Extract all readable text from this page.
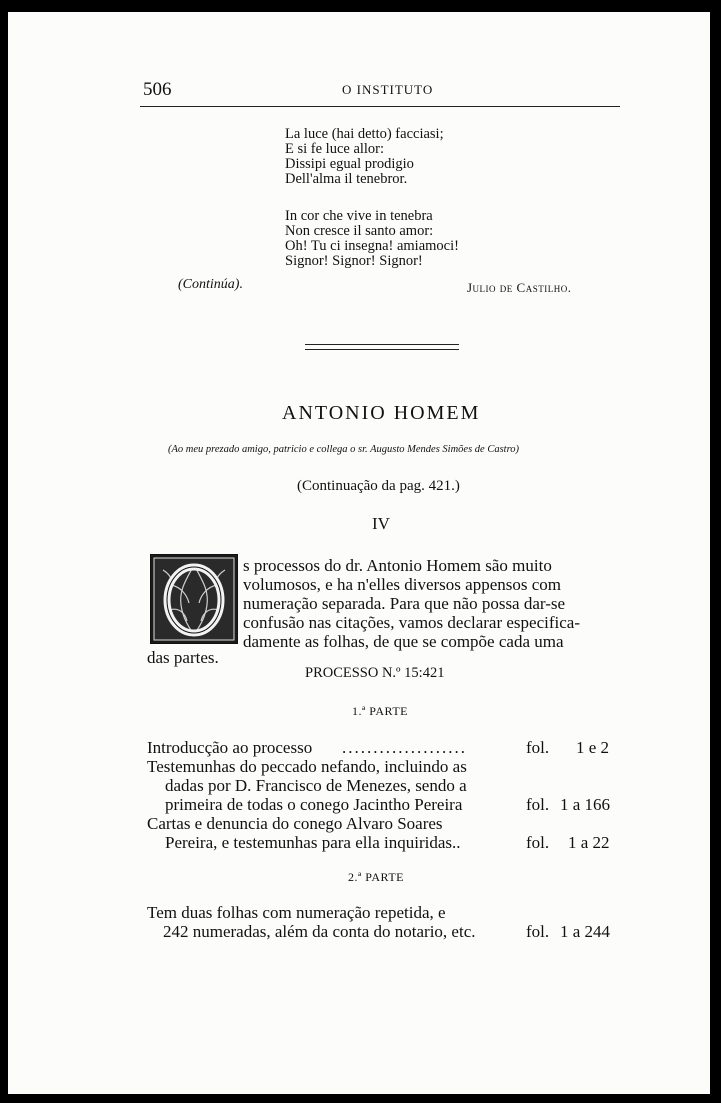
506	O INSTITUTO
La luce (hai detto) facciasi;
E si fe luce allor:
Dissipi egual prodigio
Dell'alma il tenebror.
In cor che vive in tenebra
Non cresce il santo amor:
Oh! Tu ci insegna! amiamoci!
Signor! Signor! Signor!
(Continúa).	Julio de Castilho.
ANTONIO HOMEM
(Ao meu prezado amigo, patricio e collega o sr. Augusto Mendes Simões de Castro)
(Continuação da pag. 421.)
IV
O
s processos do dr. Antonio Homem são muito
volumosos, e ha n'elles diversos appensos com
numeração separada. Para que não possa dar-se
confusão nas citações, vamos declarar especifica-
damente as folhas, de que se compõe cada uma
das partes.
PROCESSO N.º 15:421
1.ª PARTE
Introducção ao processo ....................	fol. 1 e 2
Testemunhas do peccado nefando, incluindo as
dadas por D. Francisco de Menezes, sendo a
primeira de todas o conego Jacintho Pereira	fol. 1 a 166
Cartas e denuncia do conego Alvaro Soares
Pereira, e testemunhas para ella inquiridas..	fol. 1 a 22
2.ª PARTE
Tem duas folhas com numeração repetida, e
242 numeradas, além da conta do notario, etc.	fol. 1 a 244
